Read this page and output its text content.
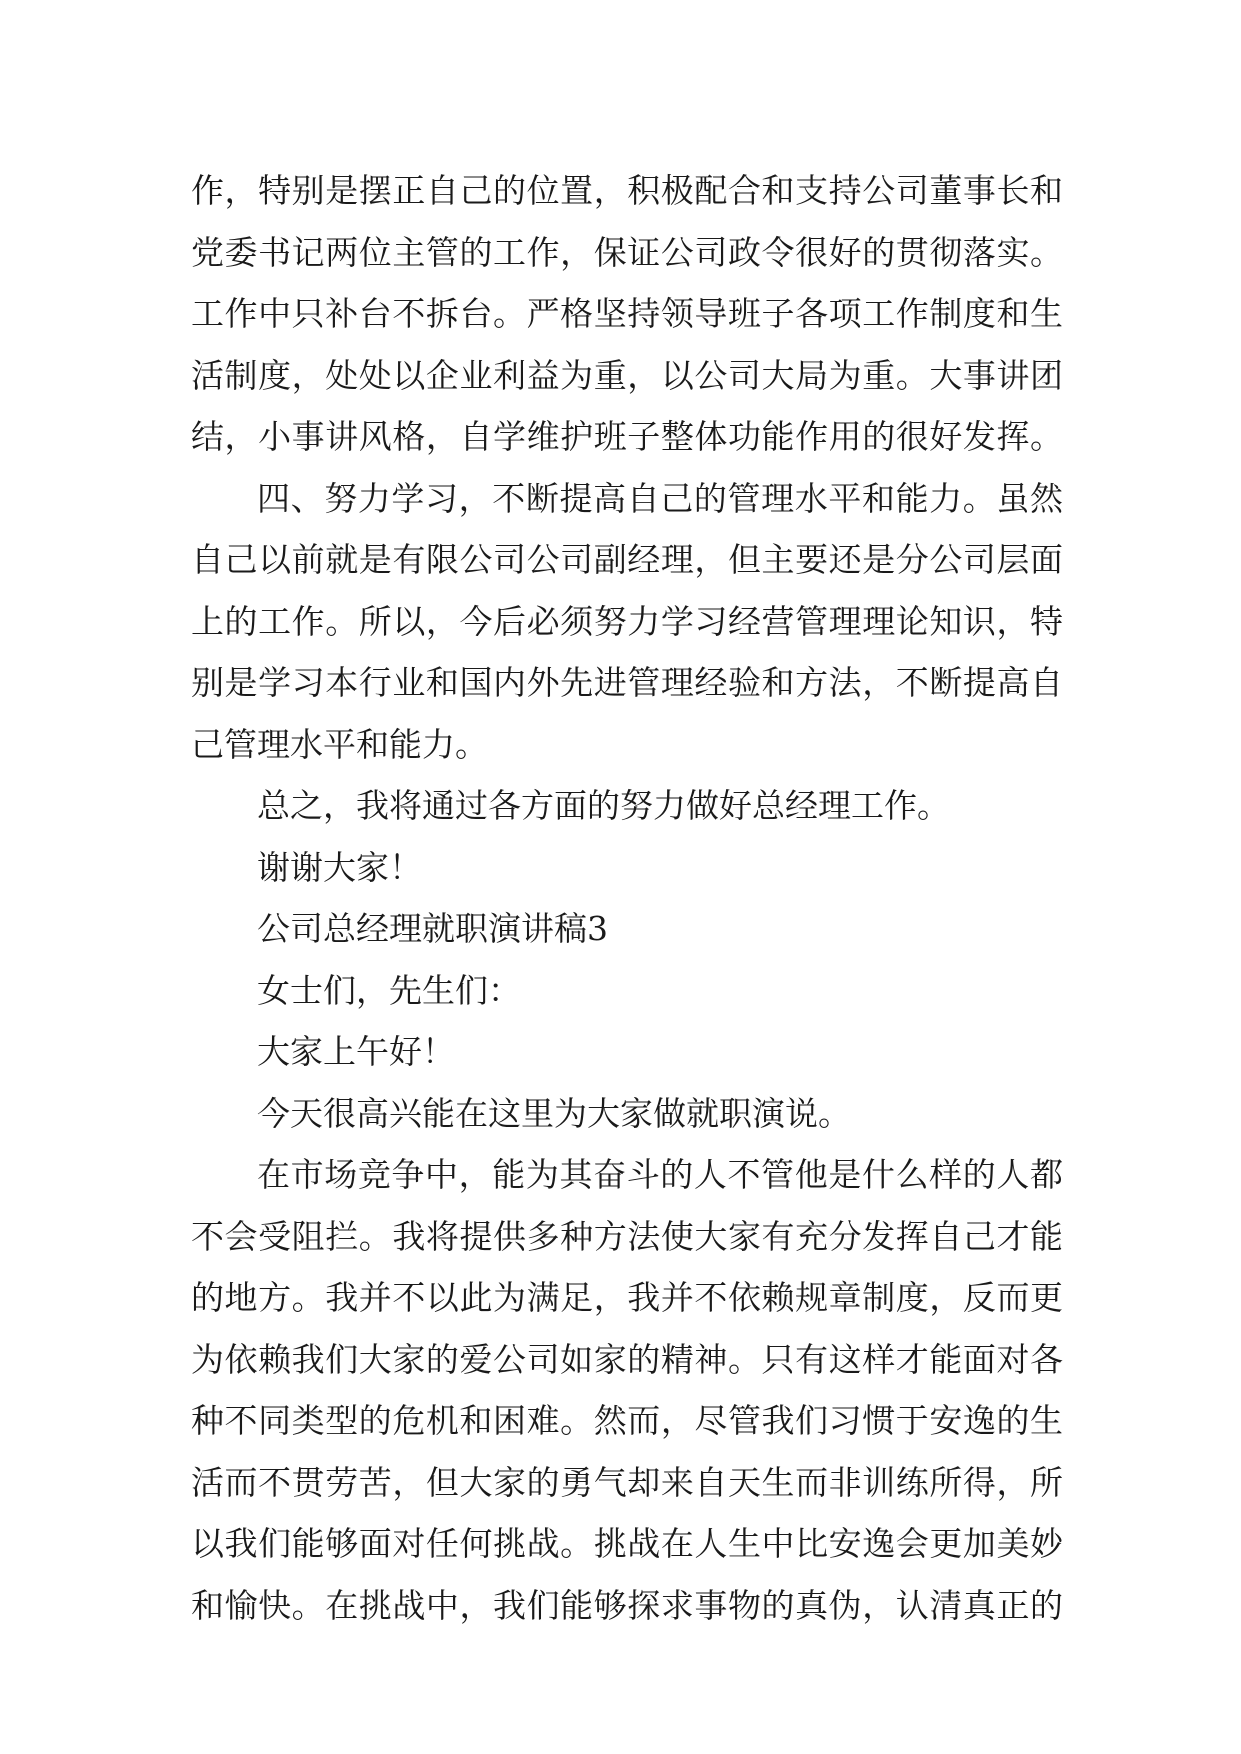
作，特别是摆正自己的位置，积极配合和支持公司董事长和
党委书记两位主管的工作，保证公司政令很好的贯彻落实。
工作中只补台不拆台。严格坚持领导班子各项工作制度和生
活制度，处处以企业利益为重，以公司大局为重。大事讲团
结，小事讲风格，自学维护班子整体功能作用的很好发挥。
四、努力学习，不断提高自己的管理水平和能力。虽然
自己以前就是有限公司公司副经理，但主要还是分公司层面
上的工作。所以，今后必须努力学习经营管理理论知识，特
别是学习本行业和国内外先进管理经验和方法，不断提高自
己管理水平和能力。
总之，我将通过各方面的努力做好总经理工作。
谢谢大家！
公司总经理就职演讲稿3
女士们，先生们：
大家上午好！
今天很高兴能在这里为大家做就职演说。
在市场竞争中，能为其奋斗的人不管他是什么样的人都
不会受阻拦。我将提供多种方法使大家有充分发挥自己才能
的地方。我并不以此为满足，我并不依赖规章制度，反而更
为依赖我们大家的爱公司如家的精神。只有这样才能面对各
种不同类型的危机和困难。然而，尽管我们习惯于安逸的生
活而不贯劳苦，但大家的勇气却来自天生而非训练所得，所
以我们能够面对任何挑战。挑战在人生中比安逸会更加美妙
和愉快。在挑战中，我们能够探求事物的真伪，认清真正的
